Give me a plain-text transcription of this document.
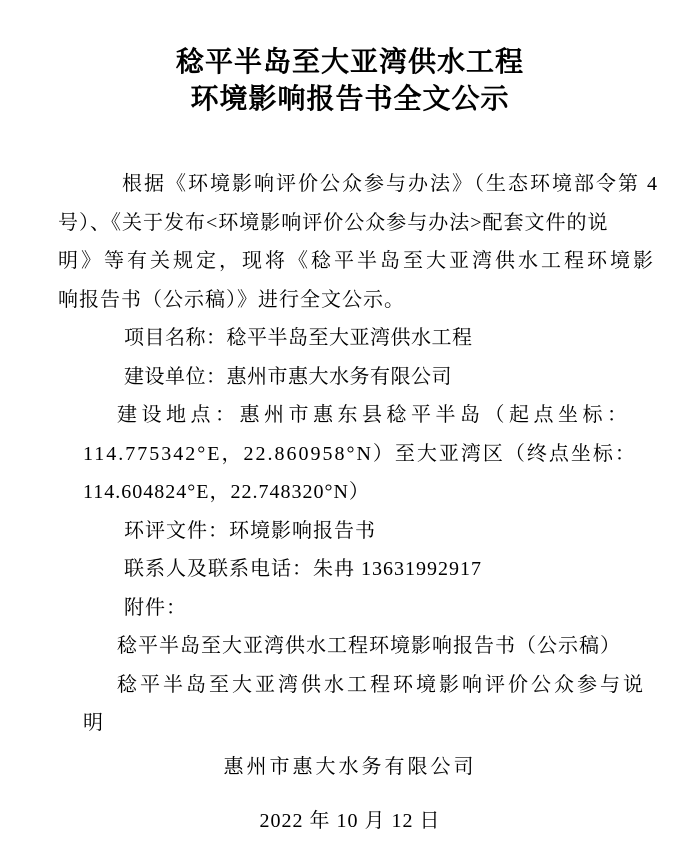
稔平半岛至大亚湾供水工程
环境影响报告书全文公示
根据《环境影响评价公众参与办法》（生态环境部令第 4
号）、《关于发布<环境影响评价公众参与办法>配套文件的说
明》等有关规定，现将《稔平半岛至大亚湾供水工程环境影
响报告书（公示稿）》进行全文公示。
项目名称：稔平半岛至大亚湾供水工程
建设单位：惠州市惠大水务有限公司
建设地点：惠州市惠东县稔平半岛（起点坐标：
114.775342°E，22.860958°N）至大亚湾区（终点坐标：
114.604824°E，22.748320°N）
环评文件：环境影响报告书
联系人及联系电话：朱冉 13631992917
附件：
稔平半岛至大亚湾供水工程环境影响报告书（公示稿）
稔平半岛至大亚湾供水工程环境影响评价公众参与说
明
惠州市惠大水务有限公司
2022 年 10 月 12 日
